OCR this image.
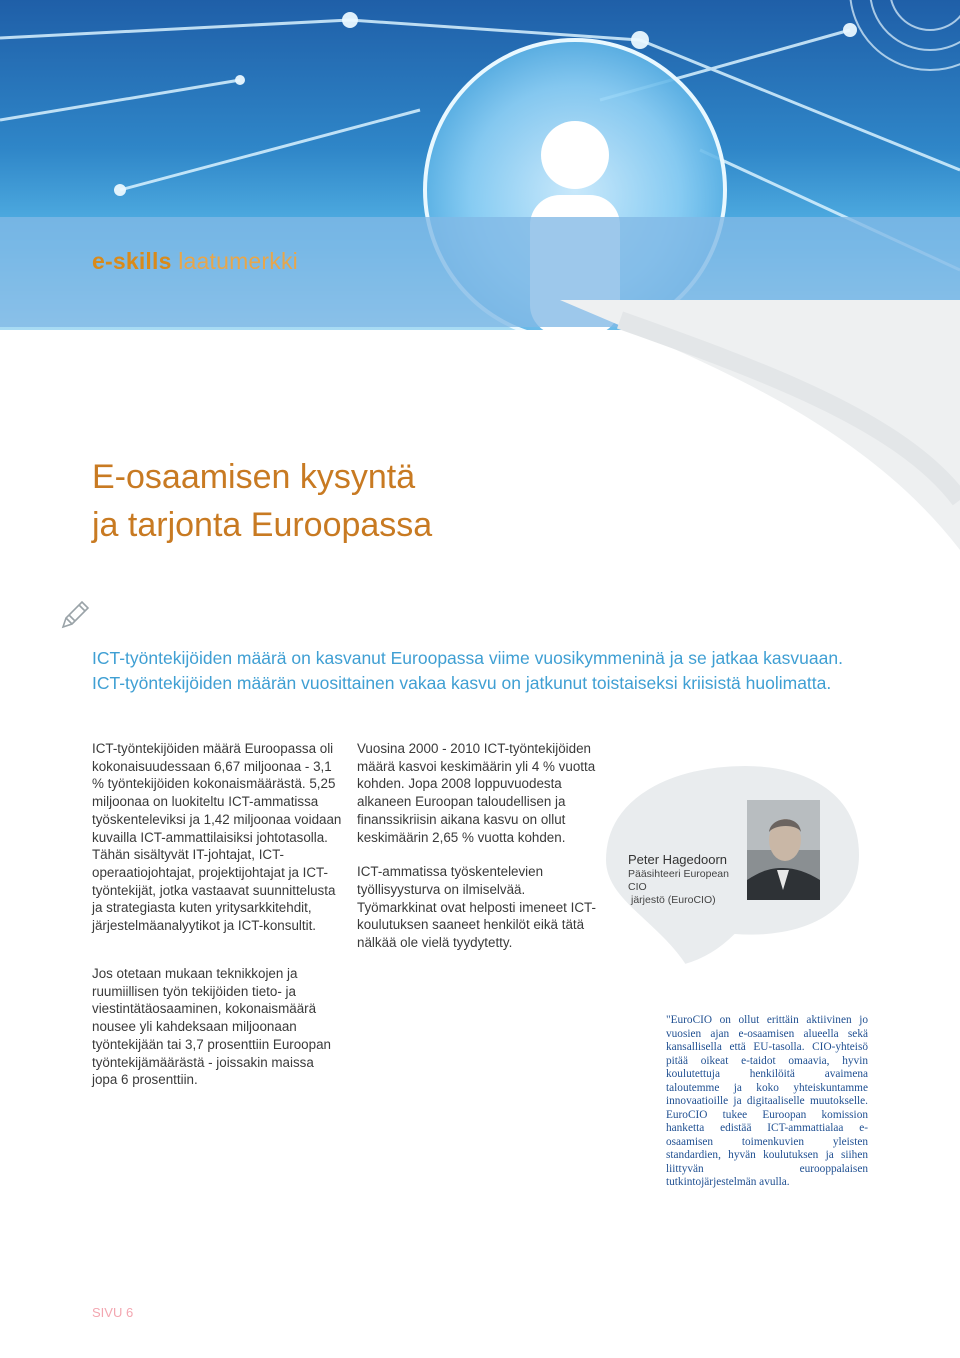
e-skills laatumerkki
E-osaamisen kysyntä
ja tarjonta Euroopassa

ICT-työntekijöiden määrä on kasvanut Euroopassa viime vuosikymmeninä ja se jatkaa kasvuaan. ICT-työntekijöiden määrän vuosittainen vakaa kasvu on jatkunut toistaiseksi kriisistä huolimatta.

ICT-työntekijöiden määrä Euroopassa oli kokonaisuudessaan 6,67 miljoonaa - 3,1 % työntekijöiden kokonaismäärästä. 5,25 miljoonaa on luokiteltu ICT-ammatissa työskenteleviksi ja 1,42 miljoonaa voidaan kuvailla ICT-ammattilaisiksi johtotasolla. Tähän sisältyvät IT-johtajat, ICT-operaatiojohtajat, projektijohtajat ja ICT-työntekijät, jotka vastaavat suunnittelusta ja strategiasta kuten yritysarkkitehdit, järjestelmäanalyytikot ja ICT-konsultit.

Jos otetaan mukaan teknikkojen ja ruumiillisen työn tekijöiden tieto- ja viestintätäosaaminen, kokonaismäärä nousee yli kahdeksaan miljoonaan työntekijään tai 3,7 prosenttiin Euroopan työntekijämäärästä - joissakin maissa jopa 6 prosenttiin.

Vuosina 2000 - 2010 ICT-työntekijöiden määrä kasvoi keskimäärin yli 4 % vuotta kohden. Jopa 2008 loppuvuodesta alkaneen Euroopan taloudellisen ja finanssikriisin aikana kasvu on ollut keskimäärin 2,65 % vuotta kohden.

ICT-ammatissa työskentelevien työllisyysturva on ilmiselvää. Työmarkkinat ovat helposti imeneet ICT-koulutuksen saaneet henkilöt eikä tätä nälkää ole vielä tyydytetty.

Peter Hagedoorn
Pääsihteeri European
CIO
järjestö (EuroCIO)

"EuroCIO on ollut erittäin aktiivinen jo vuosien ajan e-osaamisen alueella sekä kansallisella että EU-tasolla. CIO-yhteisö pitää oikeat e-taidot omaavia, hyvin koulutettuja henkilöitä avaimena taloutemme ja koko yhteiskuntamme innovaatioille ja digitaaliselle muutokselle. EuroCIO tukee Euroopan komission hanketta edistää ICT-ammattialaa e-osaamisen toimenkuvien yleisten standardien, hyvän koulutuksen ja siihen liittyvän eurooppalaisen tutkintojärjestelmän avulla.

SIVU 6
